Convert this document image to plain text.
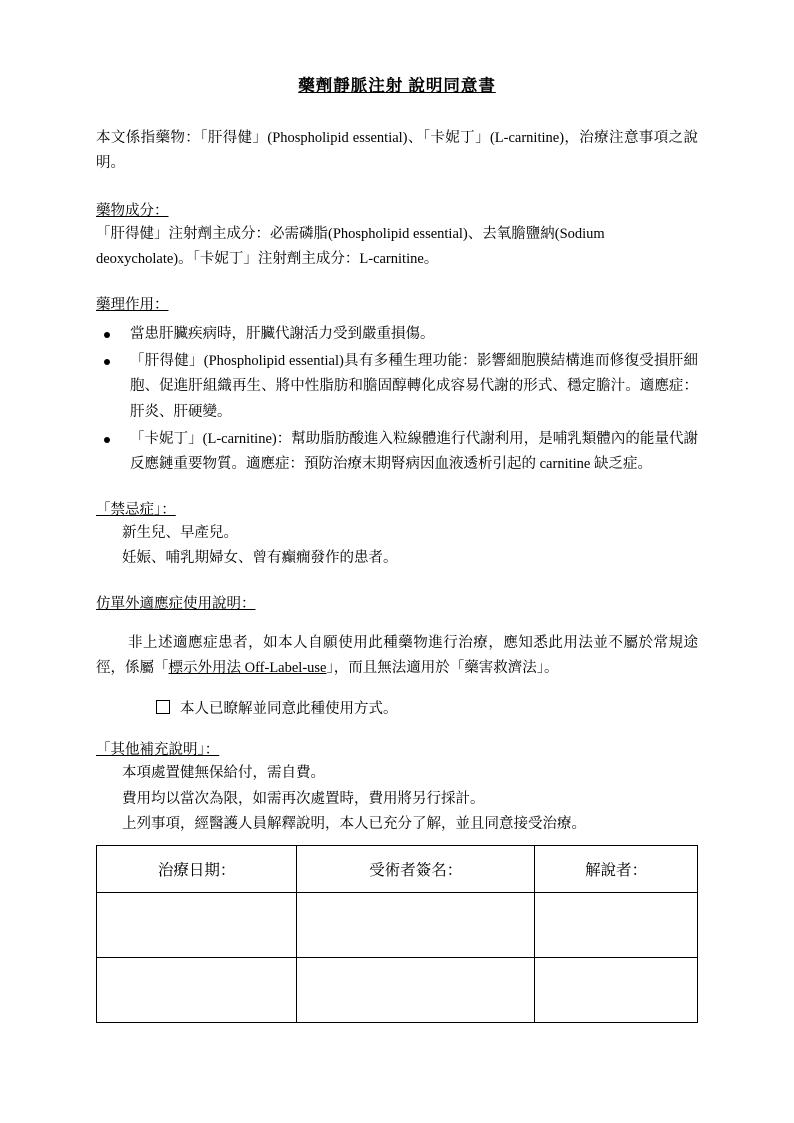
藥劑靜脈注射 說明同意書

本文係指藥物：「肝得健」(Phospholipid essential)、「卡妮丁」(L-carnitine)，治療注意事項之說明。

藥物成分：
「肝得健」注射劑主成分：必需磷脂(Phospholipid essential)、去氧膽鹽納(Sodium deoxycholate)。「卡妮丁」注射劑主成分：L-carnitine。
藥理作用：
當患肝臟疾病時，肝臟代謝活力受到嚴重損傷。
「肝得健」(Phospholipid essential)具有多種生理功能：影響細胞膜結構進而修復受損肝細胞、促進肝組織再生、將中性脂肪和膽固醇轉化成容易代謝的形式、穩定膽汁。適應症：肝炎、肝硬變。
「卡妮丁」(L-carnitine)：幫助脂肪酸進入粒線體進行代謝利用，是哺乳類體內的能量代謝反應鏈重要物質。適應症：預防治療末期腎病因血液透析引起的 carnitine 缺乏症。
「禁忌症」：
新生兒、早產兒。
妊娠、哺乳期婦女、曾有癲癇發作的患者。
仿單外適應症使用說明：

非上述適應症患者，如本人自願使用此種藥物進行治療，應知悉此用法並不屬於常規途徑，係屬「標示外用法 Off-Label-use」，而且無法適用於「藥害救濟法」。

本人已瞭解並同意此種使用方式。
「其他補充說明」：
本項處置健無保給付，需自費。
費用均以當次為限，如需再次處置時，費用將另行採計。
上列事項，經醫護人員解釋說明，本人已充分了解，並且同意接受治療。
治療日期：	受術者簽名：	解說者：
